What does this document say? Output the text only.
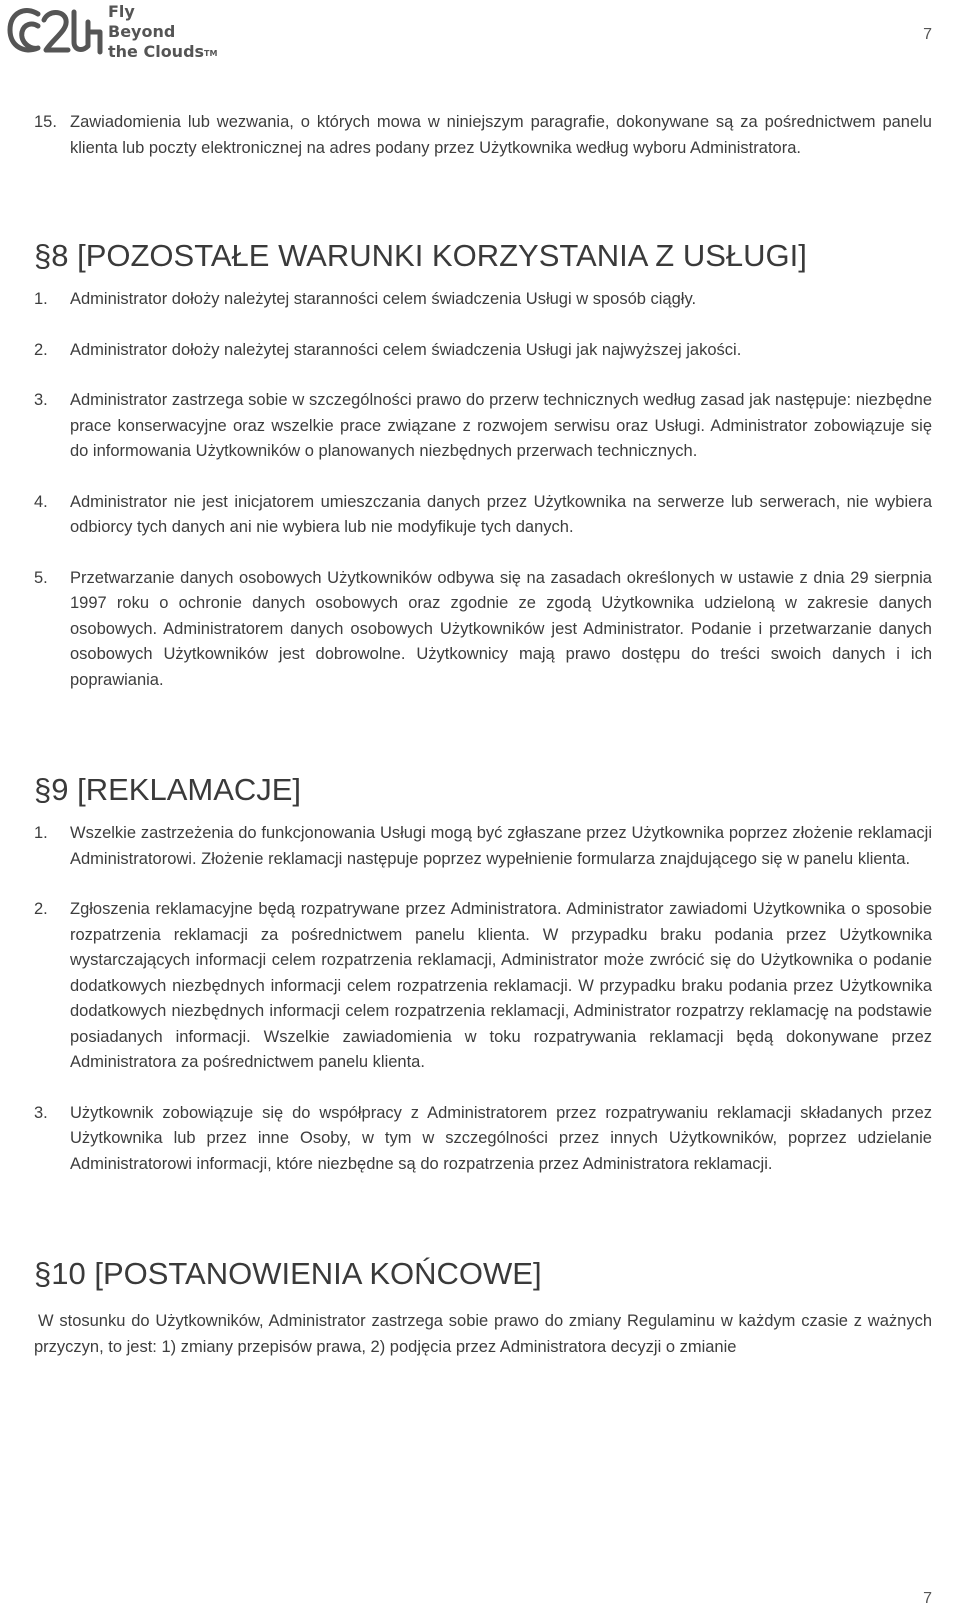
Fly
Beyond
the Clouds™
7

15. Zawiadomienia lub wezwania, o których mowa w niniejszym paragrafie, dokonywane są za pośrednictwem panelu klienta lub poczty elektronicznej na adres podany przez Użytkownika według wyboru Administratora.

§8 [POZOSTAŁE WARUNKI KORZYSTANIA Z USŁUGI]

1. Administrator dołoży należytej staranności celem świadczenia Usługi w sposób ciągły.

2. Administrator dołoży należytej staranności celem świadczenia Usługi jak najwyższej jakości.

3. Administrator zastrzega sobie w szczególności prawo do przerw technicznych według zasad jak następuje: niezbędne prace konserwacyjne oraz wszelkie prace związane z rozwojem serwisu oraz Usługi. Administrator zobowiązuje się do informowania Użytkowników o planowanych niezbędnych przerwach technicznych.

4. Administrator nie jest inicjatorem umieszczania danych przez Użytkownika na serwerze lub serwerach, nie wybiera odbiorcy tych danych ani nie wybiera lub nie modyfikuje tych danych.

5. Przetwarzanie danych osobowych Użytkowników odbywa się na zasadach określonych w ustawie z dnia 29 sierpnia 1997 roku o ochronie danych osobowych oraz zgodnie ze zgodą Użytkownika udzieloną w zakresie danych osobowych. Administratorem danych osobowych Użytkowników jest Administrator. Podanie i przetwarzanie danych osobowych Użytkowników jest dobrowolne. Użytkownicy mają prawo dostępu do treści swoich danych i ich poprawiania.

§9 [REKLAMACJE]

1. Wszelkie zastrzeżenia do funkcjonowania Usługi mogą być zgłaszane przez Użytkownika poprzez złożenie reklamacji Administratorowi. Złożenie reklamacji następuje poprzez wypełnienie formularza znajdującego się w panelu klienta.

2. Zgłoszenia reklamacyjne będą rozpatrywane przez Administratora. Administrator zawiadomi Użytkownika o sposobie rozpatrzenia reklamacji za pośrednictwem panelu klienta. W przypadku braku podania przez Użytkownika wystarczających informacji celem rozpatrzenia reklamacji, Administrator może zwrócić się do Użytkownika o podanie dodatkowych niezbędnych informacji celem rozpatrzenia reklamacji. W przypadku braku podania przez Użytkownika dodatkowych niezbędnych informacji celem rozpatrzenia reklamacji, Administrator rozpatrzy reklamację na podstawie posiadanych informacji. Wszelkie zawiadomienia w toku rozpatrywania reklamacji będą dokonywane przez Administratora za pośrednictwem panelu klienta.

3. Użytkownik zobowiązuje się do współpracy z Administratorem przez rozpatrywaniu reklamacji składanych przez Użytkownika lub przez inne Osoby, w tym w szczególności przez innych Użytkowników, poprzez udzielanie Administratorowi informacji, które niezbędne są do rozpatrzenia przez Administratora reklamacji.

§10 [POSTANOWIENIA KOŃCOWE]

W stosunku do Użytkowników, Administrator zastrzega sobie prawo do zmiany Regulaminu w każdym czasie z ważnych przyczyn, to jest: 1) zmiany przepisów prawa, 2) podjęcia przez Administratora decyzji o zmianie

7
